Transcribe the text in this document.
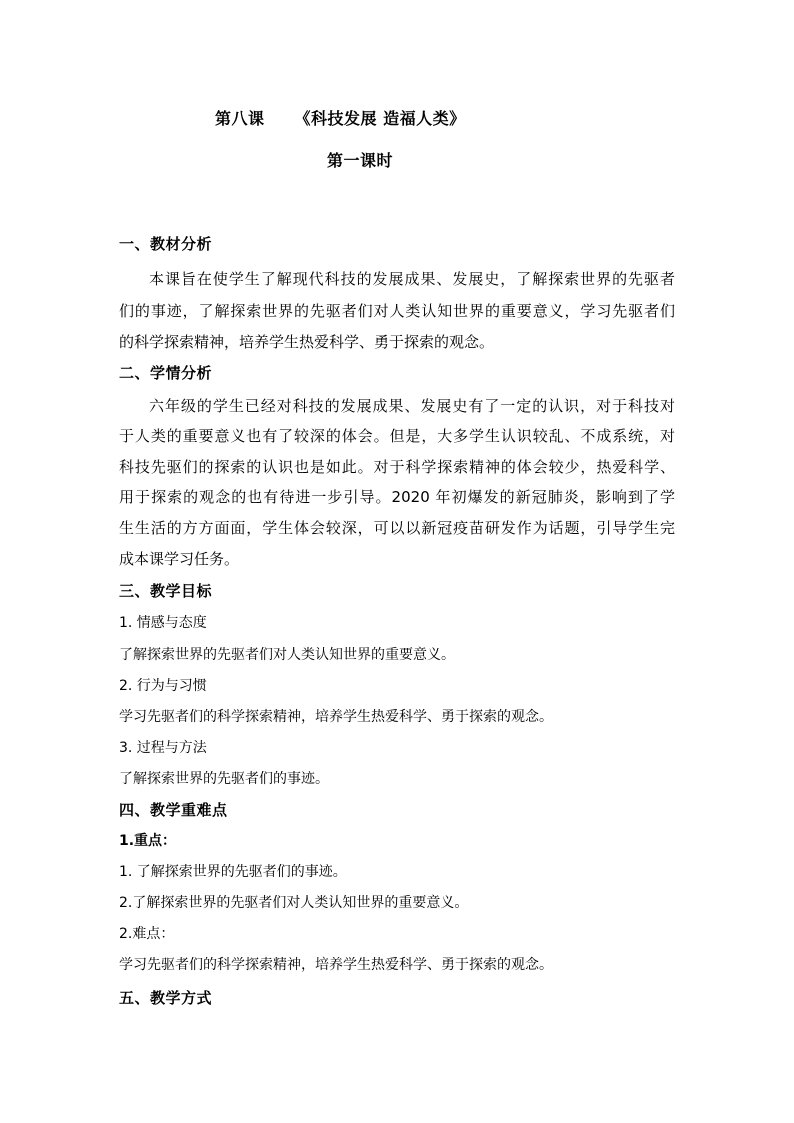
第八课 《科技发展 造福人类》
第一课时
一、教材分析
本课旨在使学生了解现代科技的发展成果、发展史，了解探索世界的先驱者
们的事迹，了解探索世界的先驱者们对人类认知世界的重要意义，学习先驱者们
的科学探索精神，培养学生热爱科学、勇于探索的观念。
二、学情分析
六年级的学生已经对科技的发展成果、发展史有了一定的认识，对于科技对
于人类的重要意义也有了较深的体会。但是，大多学生认识较乱、不成系统，对
科技先驱们的探索的认识也是如此。对于科学探索精神的体会较少，热爱科学、
用于探索的观念的也有待进一步引导。2020 年初爆发的新冠肺炎，影响到了学
生生活的方方面面，学生体会较深，可以以新冠疫苗研发作为话题，引导学生完
成本课学习任务。
三、教学目标
1. 情感与态度
了解探索世界的先驱者们对人类认知世界的重要意义。
2. 行为与习惯
学习先驱者们的科学探索精神，培养学生热爱科学、勇于探索的观念。
3. 过程与方法
了解探索世界的先驱者们的事迹。
四、教学重难点
1.重点：
1. 了解探索世界的先驱者们的事迹。
2.了解探索世界的先驱者们对人类认知世界的重要意义。
2.难点：
学习先驱者们的科学探索精神，培养学生热爱科学、勇于探索的观念。
五、教学方式
